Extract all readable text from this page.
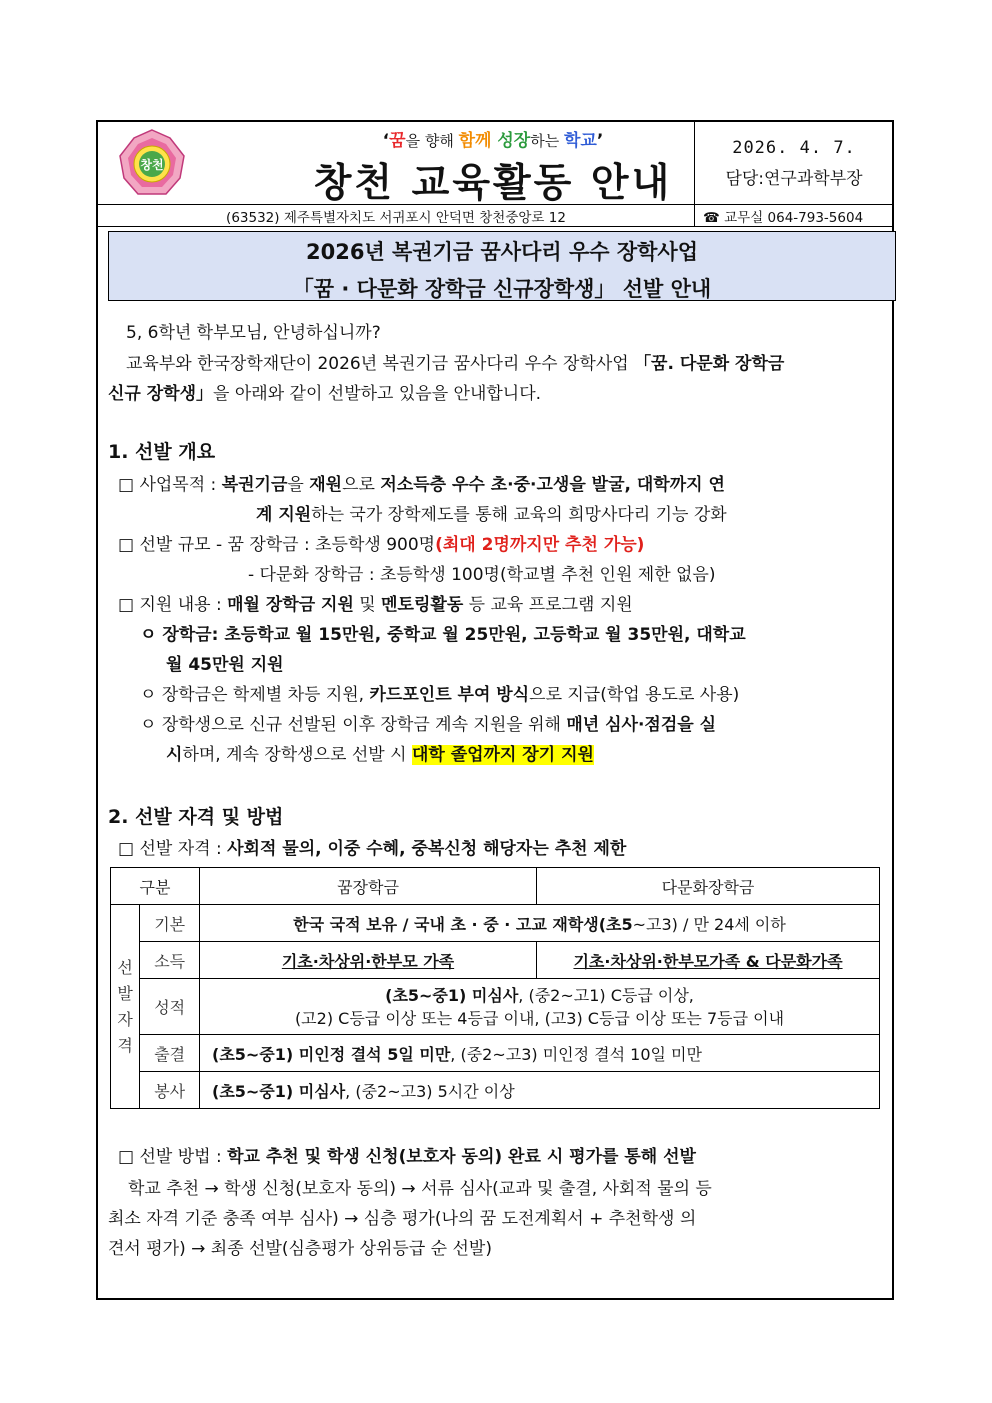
창천
‘꿈을 향해 함께 성장하는 학교’
창천 교육활동 안내
2026. 4. 7.
담당:연구과학부장
(63532) 제주특별자치도 서귀포시 안덕면 창천중앙로 12	☎ 교무실 064-793-5604
2026년 복권기금 꿈사다리 우수 장학사업
「꿈 · 다문화 장학금 신규장학생」 선발 안내
5, 6학년 학부모님, 안녕하십니까?
교육부와 한국장학재단이 2026년 복권기금 꿈사다리 우수 장학사업 「꿈. 다문화 장학금
신규 장학생」을 아래와 같이 선발하고 있음을 안내합니다.
1. 선발 개요
□ 사업목적 : 복권기금을 재원으로 저소득층 우수 초·중·고생을 발굴, 대학까지 연
계 지원하는 국가 장학제도를 통해 교육의 희망사다리 기능 강화
□ 선발 규모 - 꿈 장학금 : 초등학생 900명(최대 2명까지만 추천 가능)
- 다문화 장학금 : 초등학생 100명(학교별 추천 인원 제한 없음)
□ 지원 내용 : 매월 장학금 지원 및 멘토링활동 등 교육 프로그램 지원
ㅇ 장학금: 초등학교 월 15만원, 중학교 월 25만원, 고등학교 월 35만원, 대학교
월 45만원 지원
ㅇ 장학금은 학제별 차등 지원, 카드포인트 부여 방식으로 지급(학업 용도로 사용)
ㅇ 장학생으로 신규 선발된 이후 장학금 계속 지원을 위해 매년 심사·점검을 실
시하며, 계속 장학생으로 선발 시 대학 졸업까지 장기 지원
2. 선발 자격 및 방법
□ 선발 자격 : 사회적 물의, 이중 수혜, 중복신청 해당자는 추천 제한
구분		꿈장학금	다문화장학금

선
발
자
격	기본	한국 국적 보유 / 국내 초 · 중 · 고교 재학생(초5~고3) / 만 24세 이하	
	소득	기초·차상위·한부모 가족	기초·차상위·한부모가족 & 다문화가족
	성적	(초5~중1) 미심사, (중2~고1) C등급 이상,
(고2) C등급 이상 또는 4등급 이내, (고3) C등급 이상 또는 7등급 이내	
	출결	(초5~중1) 미인정 결석 5일 미만, (중2~고3) 미인정 결석 10일 미만	
	봉사	(초5~중1) 미심사, (중2~고3) 5시간 이상	
□ 선발 방법 : 학교 추천 및 학생 신청(보호자 동의) 완료 시 평가를 통해 선발
학교 추천 → 학생 신청(보호자 동의) → 서류 심사(교과 및 출결, 사회적 물의 등
최소 자격 기준 충족 여부 심사) → 심층 평가(나의 꿈 도전계획서 + 추천학생 의
견서 평가) → 최종 선발(심층평가 상위등급 순 선발)
